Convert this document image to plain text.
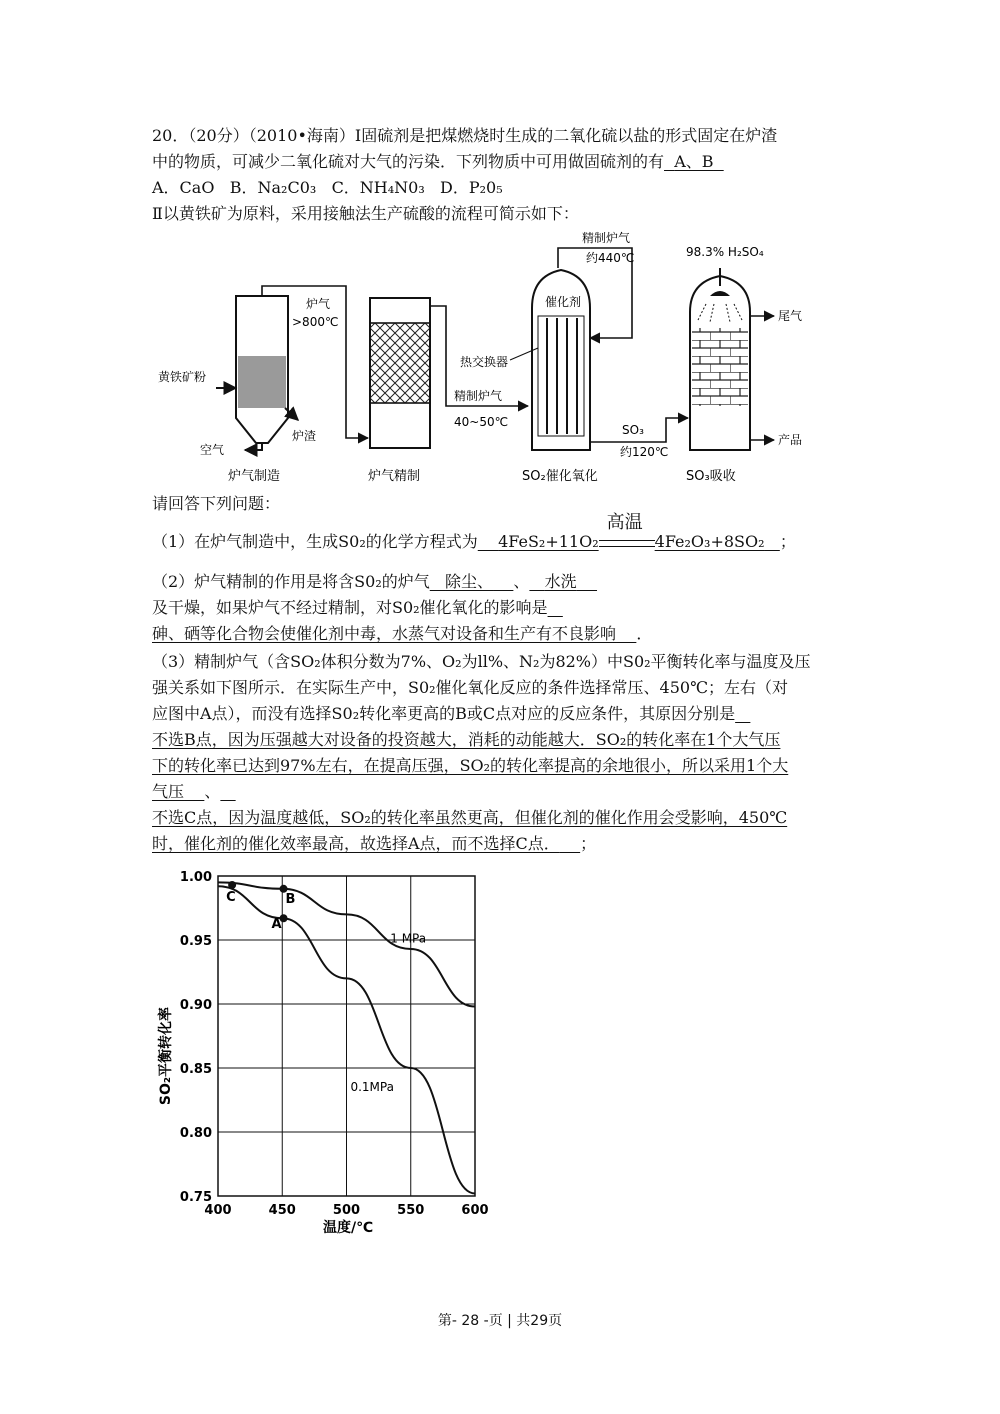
20．（20分）（2010•海南）Ⅰ固硫剂是把煤燃烧时生成的二氧化硫以盐的形式固定在炉渣
中的物质，可减少二氧化硫对大气的污染．下列物质中可用做固硫剂的有 A、B
A．CaO B．Na₂C0₃ C．NH₄N0₃ D．P₂0₅
Ⅱ以黄铁矿为原料，采用接触法生产硫酸的流程可简示如下：
黄铁矿粉
空气
炉渣
炉气
>800℃
炉气制造	炉气精制
精制炉气
40~50℃
催化剂
精制炉气
约440℃
热交换器
SO₂催化氧化
SO₃
约120℃
98.3% H₂SO₄
尾气
产品
SO₃吸收
请回答下列问题：
（1）在炉气制造中，生成S0₂的化学方程式为 4FeS₂+11O₂
高温
4Fe₂O₃+8SO₂ ；
（2）炉气精制的作用是将含S0₂的炉气 除尘、 、 水洗
及干燥，如果炉气不经过精制，对S0₂催化氧化的影响是
砷、硒等化合物会使催化剂中毒，水蒸气对设备和生产有不良影响 ．
（3）精制炉气（含SO₂体积分数为7%、O₂为ll%、N₂为82%）中S0₂平衡转化率与温度及压
强关系如下图所示．在实际生产中，S0₂催化氧化反应的条件选择常压、450℃；左右（对
应图中A点），而没有选择S0₂转化率更高的B或C点对应的反应条件，其原因分别是
不选B点，因为压强越大对设备的投资越大，消耗的动能越大．SO₂的转化率在1个大气压
下的转化率已达到97%左右，在提高压强，SO₂的转化率提高的余地很小，所以采用1个大
气压 、
不选C点，因为温度越低，SO₂的转化率虽然更高，但催化剂的催化作用会受影响，450℃
时，催化剂的催化效率最高，故选择A点，而不选择C点． ；
SO₂平衡转化率
温度/℃
400	450	500	550	600
0.75
0.80
0.85
0.90
0.95
1.00
1 MPa
0.1MPa
C	B
A
第- 28 -页 | 共29页
